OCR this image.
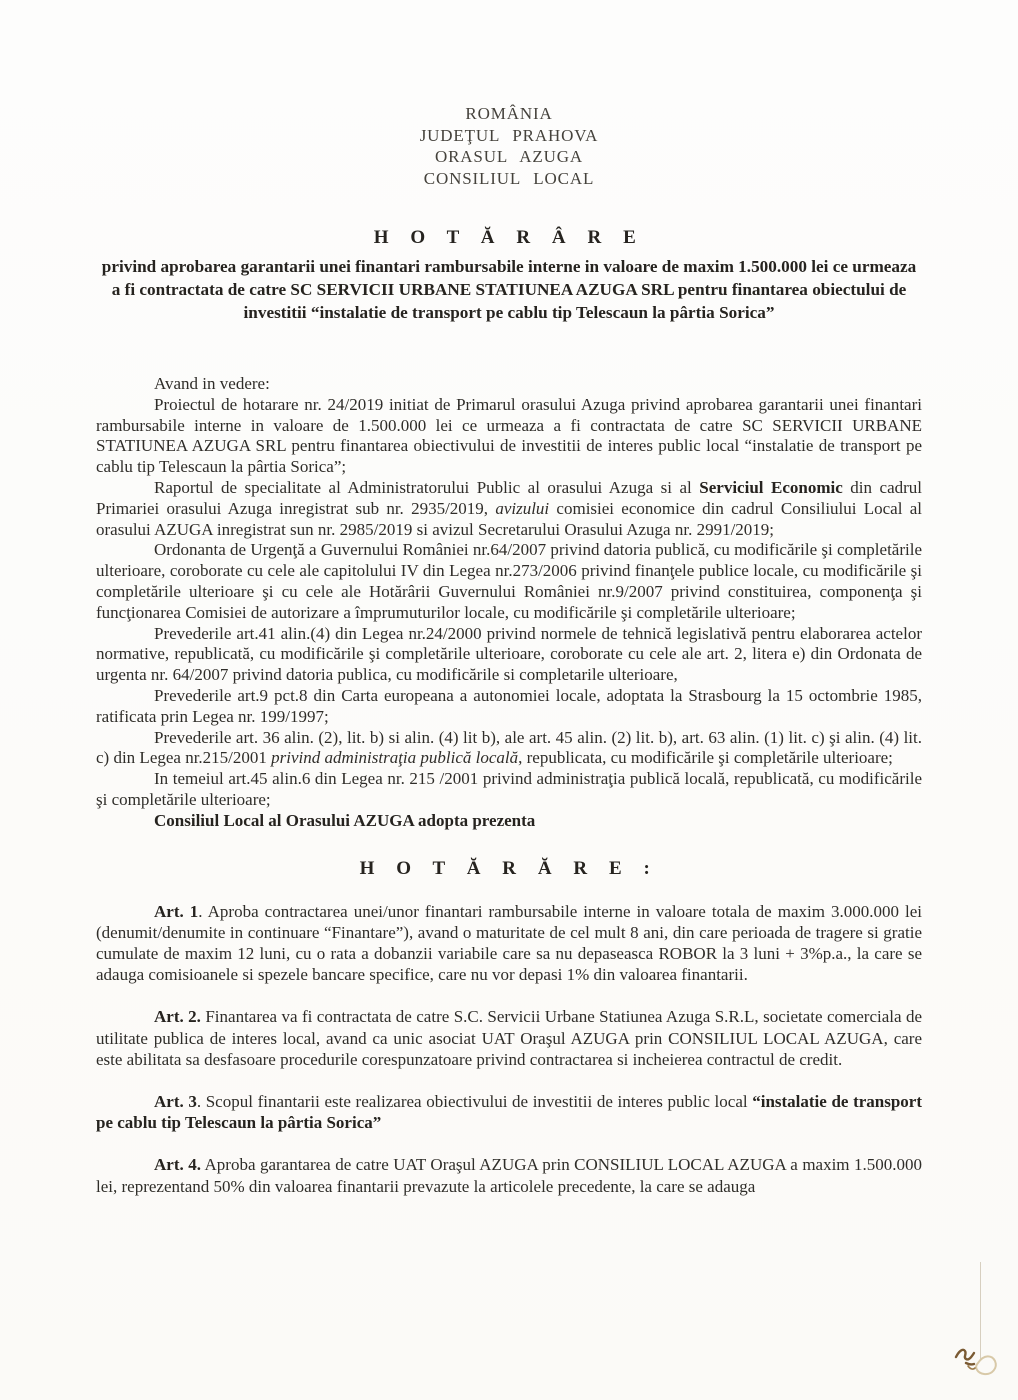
ROMÂNIA
JUDEŢUL PRAHOVA
ORASUL AZUGA
CONSILIUL LOCAL
H O T Ă R Â R E

privind aprobarea garantarii unei finantari rambursabile interne in valoare de maxim 1.500.000 lei ce urmeaza a fi contractata de catre SC SERVICII URBANE STATIUNEA AZUGA SRL pentru finantarea obiectului de investitii “instalatie de transport pe cablu tip Telescaun la pârtia Sorica”

Avand in vedere:

Proiectul de hotarare nr. 24/2019 initiat de Primarul orasului Azuga privind aprobarea garantarii unei finantari rambursabile interne in valoare de 1.500.000 lei ce urmeaza a fi contractata de catre SC SERVICII URBANE STATIUNEA AZUGA SRL pentru finantarea obiectivului de investitii de interes public local “instalatie de transport pe cablu tip Telescaun la pârtia Sorica”;

Raportul de specialitate al Administratorului Public al orasului Azuga si al Serviciul Economic din cadrul Primariei orasului Azuga inregistrat sub nr. 2935/2019, avizului comisiei economice din cadrul Consiliului Local al orasului AZUGA inregistrat sun nr. 2985/2019 si avizul Secretarului Orasului Azuga nr. 2991/2019;

Ordonanta de Urgenţă a Guvernului României nr.64/2007 privind datoria publică, cu modificările şi completările ulterioare, coroborate cu cele ale capitolului IV din Legea nr.273/2006 privind finanţele publice locale, cu modificările şi completările ulterioare şi cu cele ale Hotărârii Guvernului României nr.9/2007 privind constituirea, componenţa şi funcţionarea Comisiei de autorizare a împrumuturilor locale, cu modificările şi completările ulterioare;

Prevederile art.41 alin.(4) din Legea nr.24/2000 privind normele de tehnică legislativă pentru elaborarea actelor normative, republicată, cu modificările şi completările ulterioare, coroborate cu cele ale art. 2, litera e) din Ordonata de urgenta nr. 64/2007 privind datoria publica, cu modificările si completarile ulterioare,

Prevederile art.9 pct.8 din Carta europeana a autonomiei locale, adoptata la Strasbourg la 15 octombrie 1985, ratificata prin Legea nr. 199/1997;

Prevederile art. 36 alin. (2), lit. b) si alin. (4) lit b), ale art. 45 alin. (2) lit. b), art. 63 alin. (1) lit. c) şi alin. (4) lit. c) din Legea nr.215/2001 privind administraţia publică locală, republicata, cu modificările şi completările ulterioare;

In temeiul art.45 alin.6 din Legea nr. 215 /2001 privind administraţia publică locală, republicată, cu modificările şi completările ulterioare;

Consiliul Local al Orasului AZUGA adopta prezenta

H O T Ă R Ă R E :

Art. 1. Aproba contractarea unei/unor finantari rambursabile interne in valoare totala de maxim 3.000.000 lei (denumit/denumite in continuare “Finantare”), avand o maturitate de cel mult 8 ani, din care perioada de tragere si gratie cumulate de maxim 12 luni, cu o rata a dobanzii variabile care sa nu depaseasca ROBOR la 3 luni + 3%p.a., la care se adauga comisioanele si spezele bancare specifice, care nu vor depasi 1% din valoarea finantarii.

Art. 2. Finantarea va fi contractata de catre S.C. Servicii Urbane Statiunea Azuga S.R.L, societate comerciala de utilitate publica de interes local, avand ca unic asociat UAT Oraşul AZUGA prin CONSILIUL LOCAL AZUGA, care este abilitata sa desfasoare procedurile corespunzatoare privind contractarea si incheierea contractul de credit.

Art. 3. Scopul finantarii este realizarea obiectivului de investitii de interes public local “instalatie de transport pe cablu tip Telescaun la pârtia Sorica”

Art. 4. Aproba garantarea de catre UAT Oraşul AZUGA prin CONSILIUL LOCAL AZUGA a maxim 1.500.000 lei, reprezentand 50% din valoarea finantarii prevazute la articolele precedente, la care se adauga
